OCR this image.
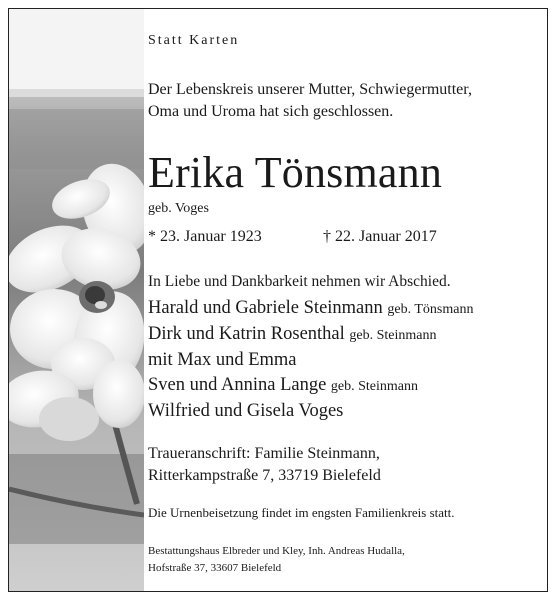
Statt Karten
Der Lebenskreis unserer Mutter, Schwiegermutter,
Oma und Uroma hat sich geschlossen.
Erika Tönsmann
geb. Voges
* 23. Januar 1923	† 22. Januar 2017
In Liebe und Dankbarkeit nehmen wir Abschied.
Harald und Gabriele Steinmann geb. Tönsmann
Dirk und Katrin Rosenthal geb. Steinmann
mit Max und Emma
Sven und Annina Lange geb. Steinmann
Wilfried und Gisela Voges
Traueranschrift: Familie Steinmann,
Ritterkampstraße 7, 33719 Bielefeld
Die Urnenbeisetzung findet im engsten Familienkreis statt.
Bestattungshaus Elbreder und Kley, Inh. Andreas Hudalla,
Hofstraße 37, 33607 Bielefeld
